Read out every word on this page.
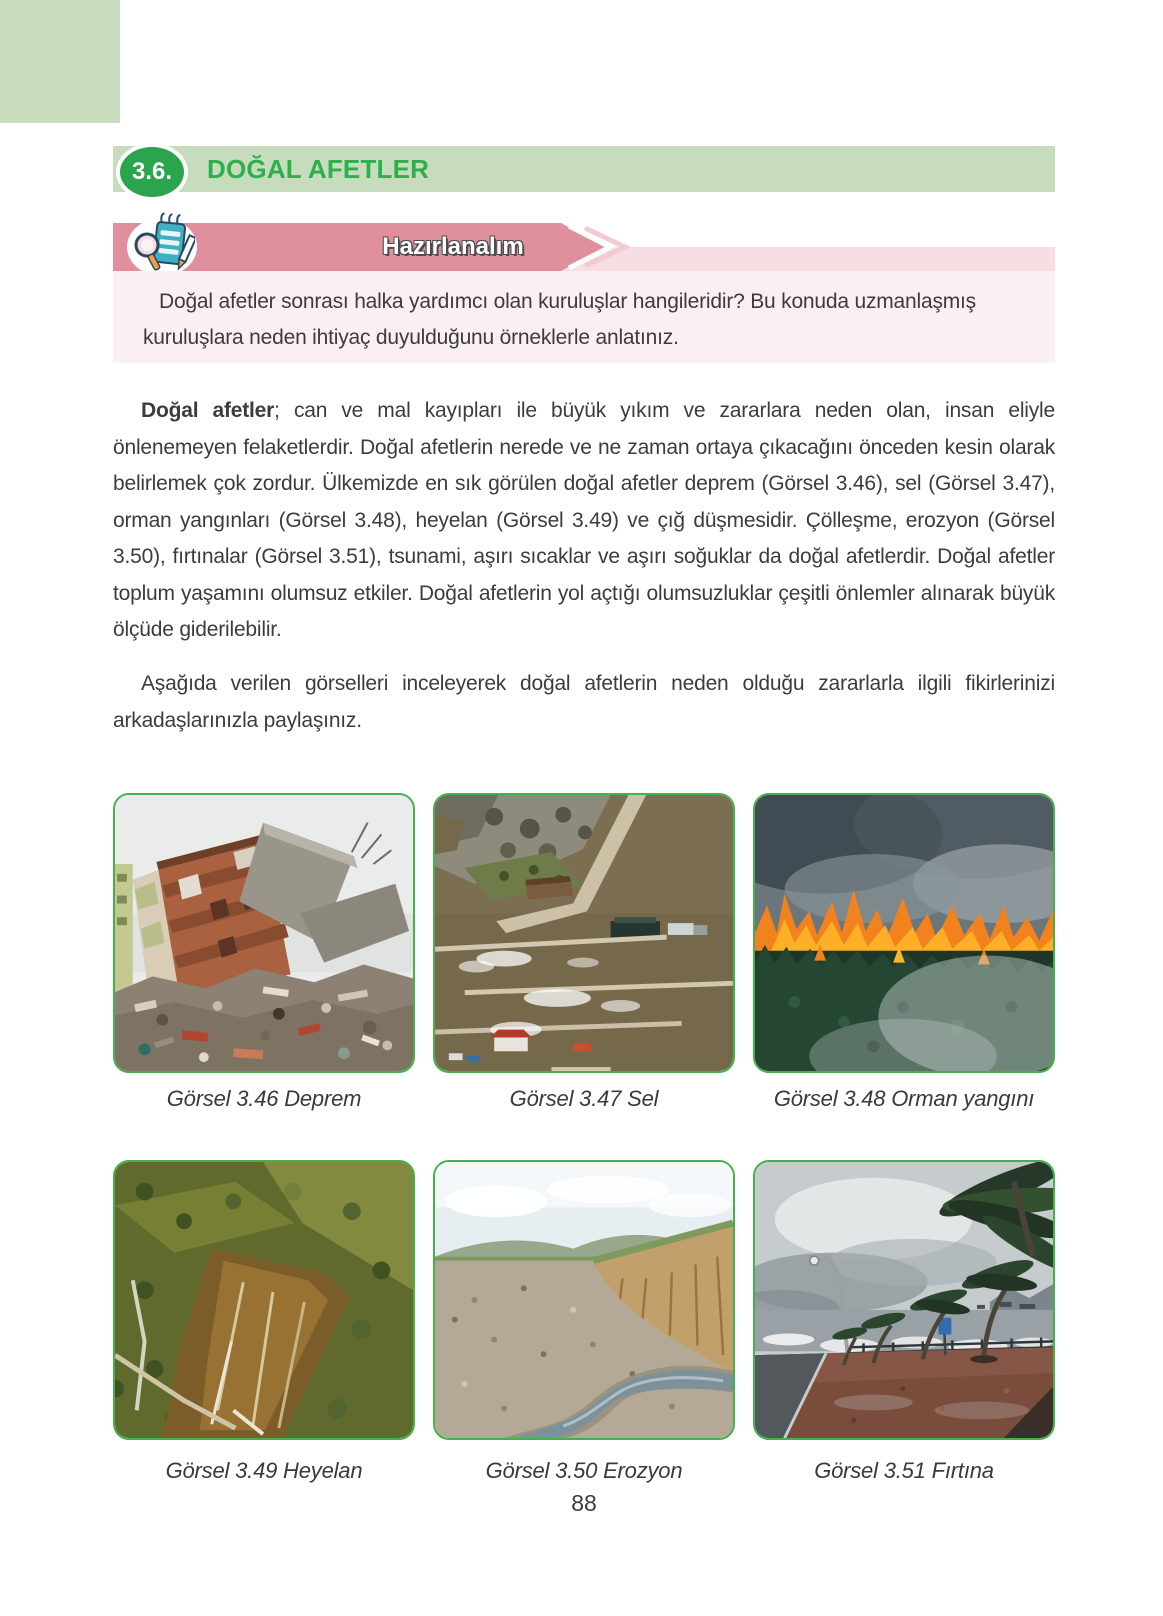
3.6. DOĞAL AFETLER
Hazırlanalım

Doğal afetler sonrası halka yardımcı olan kuruluşlar hangileridir? Bu konuda uzmanlaşmış kuruluşlara neden ihtiyaç duyulduğunu örneklerle anlatınız.

Doğal afetler; can ve mal kayıpları ile büyük yıkım ve zararlara neden olan, insan eliyle önlenemeyen felaketlerdir. Doğal afetlerin nerede ve ne zaman ortaya çıkacağını önceden kesin olarak belirlemek çok zordur. Ülkemizde en sık görülen doğal afetler deprem (Görsel 3.46), sel (Görsel 3.47), orman yangınları (Görsel 3.48), heyelan (Görsel 3.49) ve çığ düşmesidir. Çölleşme, erozyon (Görsel 3.50), fırtınalar (Görsel 3.51), tsunami, aşırı sıcaklar ve aşırı soğuklar da doğal afetlerdir. Doğal afetler toplum yaşamını olumsuz etkiler. Doğal afetlerin yol açtığı olumsuzluklar çeşitli önlemler alınarak büyük ölçüde giderilebilir.

Aşağıda verilen görselleri inceleyerek doğal afetlerin neden olduğu zararlarla ilgili fikirlerinizi arkadaşlarınızla paylaşınız.

Görsel 3.46 Deprem	Görsel 3.47 Sel	Görsel 3.48 Orman yangını
Görsel 3.49 Heyelan	Görsel 3.50 Erozyon	Görsel 3.51 Fırtına
88
